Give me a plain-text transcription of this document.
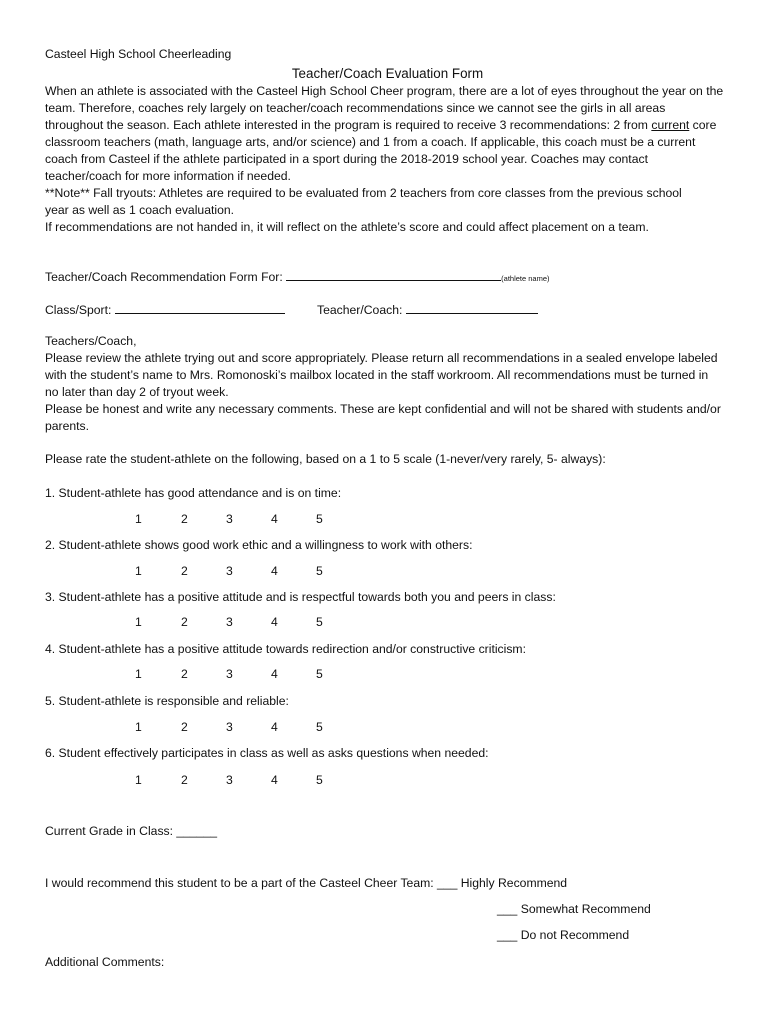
Casteel High School Cheerleading
Teacher/Coach Evaluation Form

When an athlete is associated with the Casteel High School Cheer program, there are a lot of eyes throughout the year on the

team. Therefore, coaches rely largely on teacher/coach recommendations since we cannot see the girls in all areas

throughout the season. Each athlete interested in the program is required to receive 3 recommendations: 2 from current core

classroom teachers (math, language arts, and/or science) and 1 from a coach. If applicable, this coach must be a current

coach from Casteel if the athlete participated in a sport during the 2018-2019 school year. Coaches may contact

teacher/coach for more information if needed.

**Note** Fall tryouts: Athletes are required to be evaluated from 2 teachers from core classes from the previous school

year as well as 1 coach evaluation.

If recommendations are not handed in, it will reflect on the athlete’s score and could affect placement on a team.

Teacher/Coach Recommendation Form For:	(athlete name)
Class/Sport:	Teacher/Coach:

Teachers/Coach,

Please review the athlete trying out and score appropriately. Please return all recommendations in a sealed envelope labeled

with the student’s name to Mrs. Romonoski’s mailbox located in the staff workroom. All recommendations must be turned in

no later than day 2 of tryout week.

Please be honest and write any necessary comments. These are kept confidential and will not be shared with students and/or

parents.

Please rate the student-athlete on the following, based on a 1 to 5 scale (1-never/very rarely, 5- always):
1. Student-athlete has good attendance and is on time:
1	2	3	4	5
2. Student-athlete shows good work ethic and a willingness to work with others:
1	2	3	4	5
3. Student-athlete has a positive attitude and is respectful towards both you and peers in class:
1	2	3	4	5
4. Student-athlete has a positive attitude towards redirection and/or constructive criticism:
1	2	3	4	5
5. Student-athlete is responsible and reliable:
1	2	3	4	5
6. Student effectively participates in class as well as asks questions when needed:
1	2	3	4	5
Current Grade in Class: ______
I would recommend this student to be a part of the Casteel Cheer Team: ___ Highly Recommend
___ Somewhat Recommend
___ Do not Recommend
Additional Comments:
